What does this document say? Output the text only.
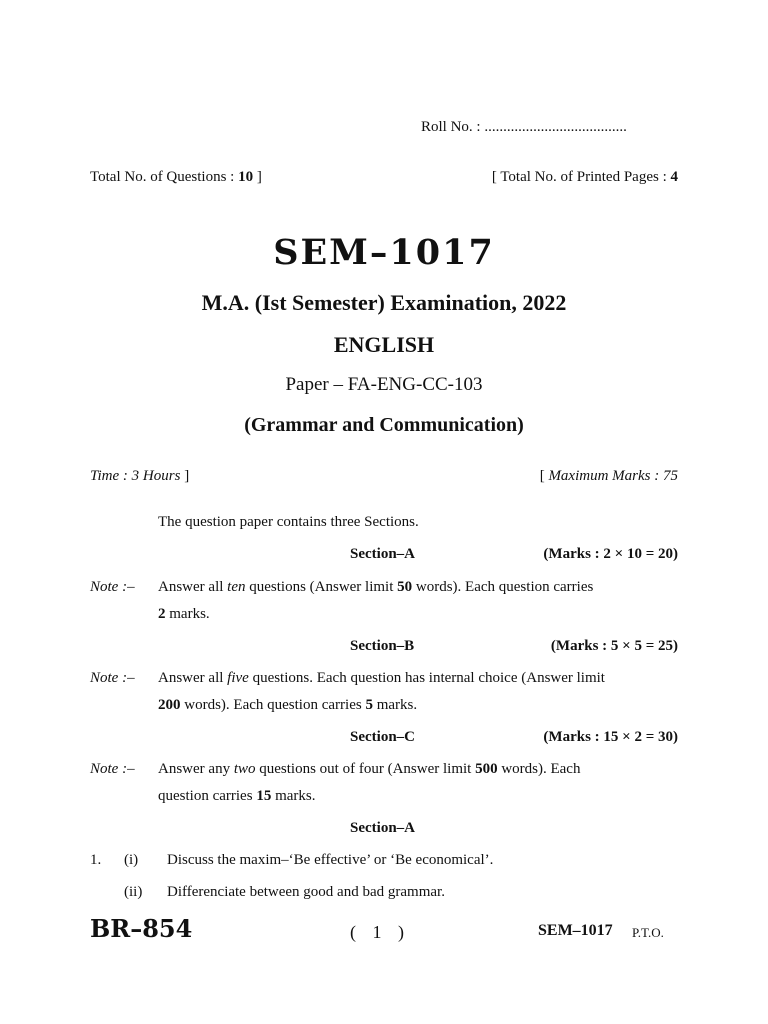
Roll No. : ......................................
Total No. of Questions : 10 ]	[ Total No. of Printed Pages : 4
SEM–1017
M.A. (Ist Semester) Examination, 2022
ENGLISH
Paper – FA-ENG-CC-103
(Grammar and Communication)
Time : 3 Hours ]	[ Maximum Marks : 75
The question paper contains three Sections.
Section–A	(Marks : 2 × 10 = 20)
Note :– Answer all ten questions (Answer limit 50 words). Each question carries
2 marks.
Section–B	(Marks : 5 × 5 = 25)
Note :– Answer all five questions. Each question has internal choice (Answer limit
200 words). Each question carries 5 marks.
Section–C	(Marks : 15 × 2 = 30)
Note :– Answer any two questions out of four (Answer limit 500 words). Each
question carries 15 marks.
Section–A
1. (i) Discuss the maxim–‘Be effective’ or ‘Be economical’.
(ii) Differenciate between good and bad grammar.
BR–854	( 1 )	SEM–1017 P.T.O.
